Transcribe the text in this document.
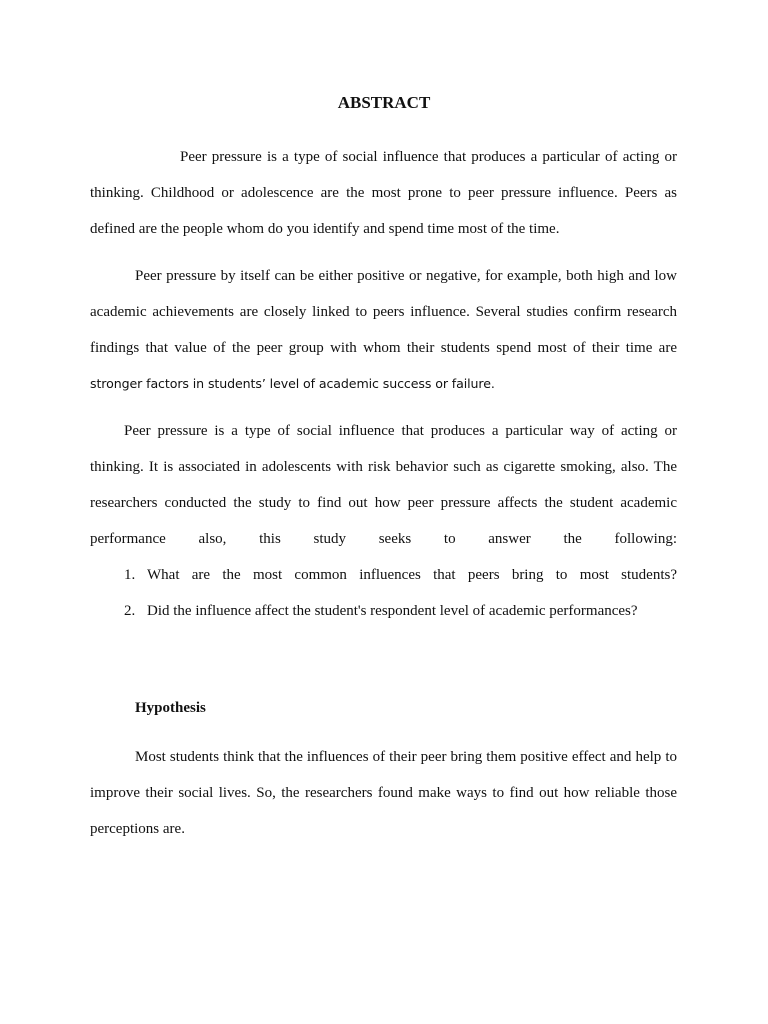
ABSTRACT

Peer pressure is a type of social influence that produces a particular of acting or thinking. Childhood or adolescence are the most prone to peer pressure influence. Peers as defined are the people whom do you identify and spend time most of the time.

Peer pressure by itself can be either positive or negative, for example, both high and low academic achievements are closely linked to peers influence. Several studies confirm research findings that value of the peer group with whom their students spend most of their time are stronger factors in students’ level of academic success or failure.

Peer pressure is a type of social influence that produces a particular way of acting or thinking. It is associated in adolescents with risk behavior such as cigarette smoking, also. The researchers conducted the study to find out how peer pressure affects the student academic performance also, this study seeks to answer the following:

1. What are the most common influences that peers bring to most students?
2. Did the influence affect the student's respondent level of academic performances?
Hypothesis

Most students think that the influences of their peer bring them positive effect and help to improve their social lives. So, the researchers found make ways to find out how reliable those perceptions are.
